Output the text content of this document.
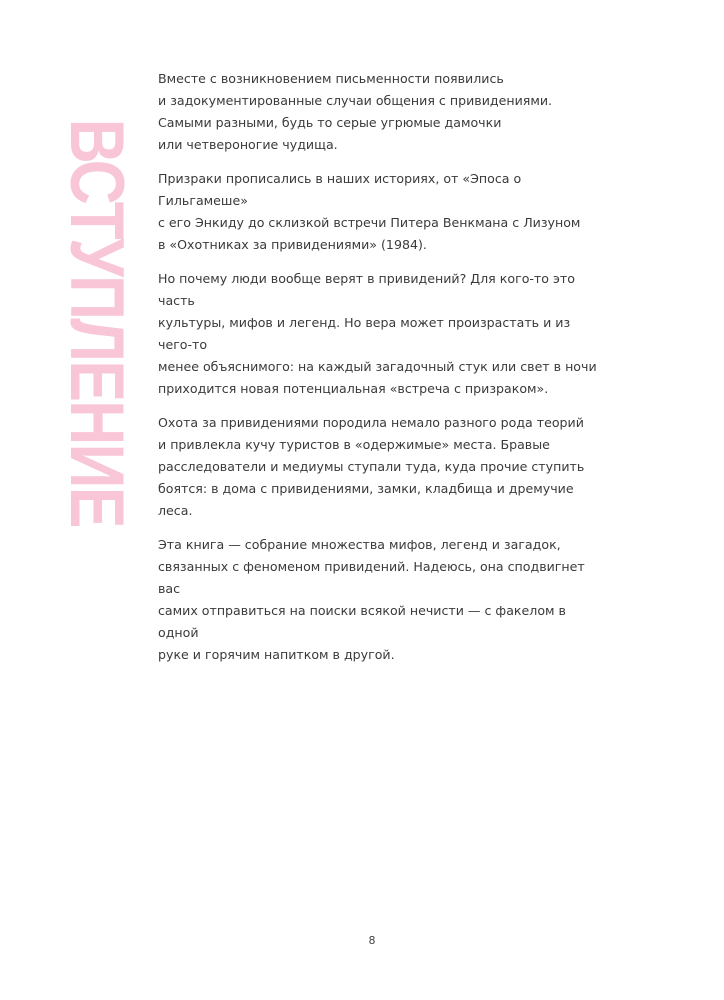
ВСТУПЛЕНИЕ

Вместе с возникновением письменности появились
и задокументированные случаи общения с привидениями.
Самыми разными, будь то серые угрюмые дамочки
или четвероногие чудища.

Призраки прописались в наших историях, от «Эпоса о Гильгамеше»
с его Энкиду до склизкой встречи Питера Венкмана с Лизуном
в «Охотниках за привидениями» (1984).

Но почему люди вообще верят в привидений? Для кого-то это часть
культуры, мифов и легенд. Но вера может произрастать и из чего-то
менее объяснимого: на каждый загадочный стук или свет в ночи
приходится новая потенциальная «встреча с призраком».

Охота за привидениями породила немало разного рода теорий
и привлекла кучу туристов в «одержимые» места. Бравые
расследователи и медиумы ступали туда, куда прочие ступить
боятся: в дома с привидениями, замки, кладбища и дремучие леса.

Эта книга — собрание множества мифов, легенд и загадок,
связанных с феноменом привидений. Надеюсь, она сподвигнет вас
самих отправиться на поиски всякой нечисти — с факелом в одной
руке и горячим напитком в другой.

8
